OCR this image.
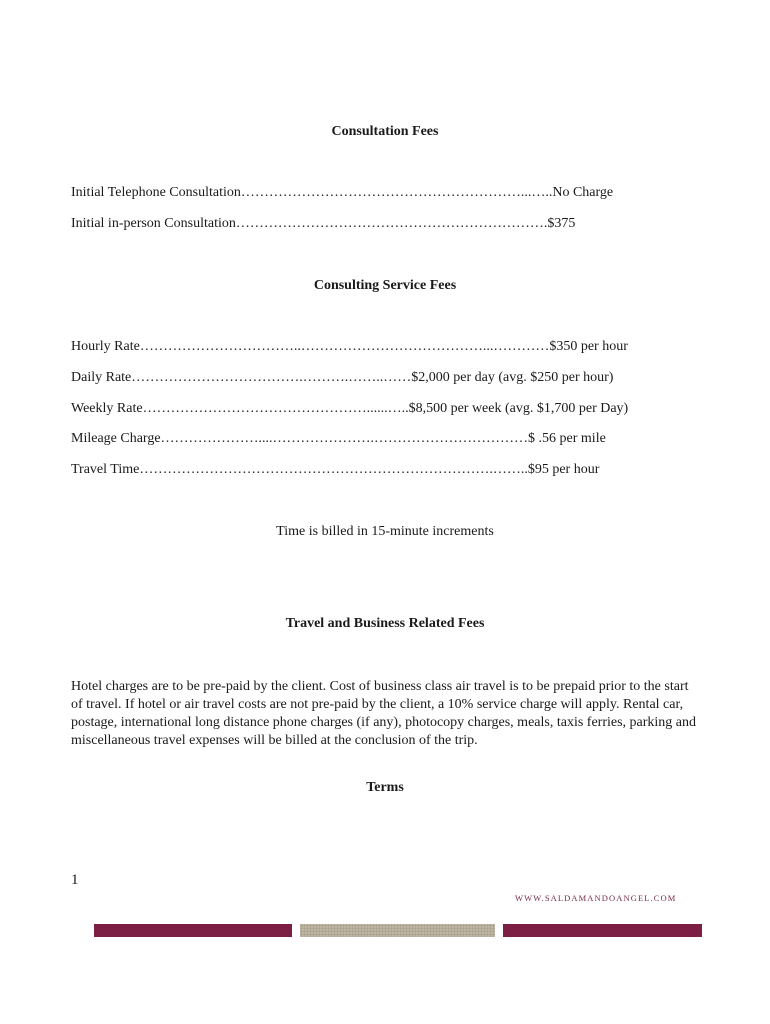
Consultation Fees
Initial Telephone Consultation……………………………………………………...…..No Charge
Initial in-person Consultation………………………………………………………….$375
Consulting Service Fees
Hourly Rate……………………………..…………………………………...…………$350 per hour
Daily Rate……………………………….……….……..……$2,000 per day (avg. $250 per hour)
Weekly Rate…………………………………………......…..$8,500 per week (avg. $1,700 per Day)
Mileage Charge…………………....………………….……………………………$ .56 per mile
Travel Time………………………………………………………………….……..$95 per hour
Time is billed in 15-minute increments
Travel and Business Related Fees
Hotel charges are to be pre-paid by the client. Cost of business class air travel is to be prepaid prior to the start of travel. If hotel or air travel costs are not pre-paid by the client, a 10% service charge will apply. Rental car, postage, international long distance phone charges (if any), photocopy charges, meals, taxis ferries, parking and miscellaneous travel expenses will be billed at the conclusion of the trip.
Terms
1
WWW.SALDAMANDOANGEL.COM
